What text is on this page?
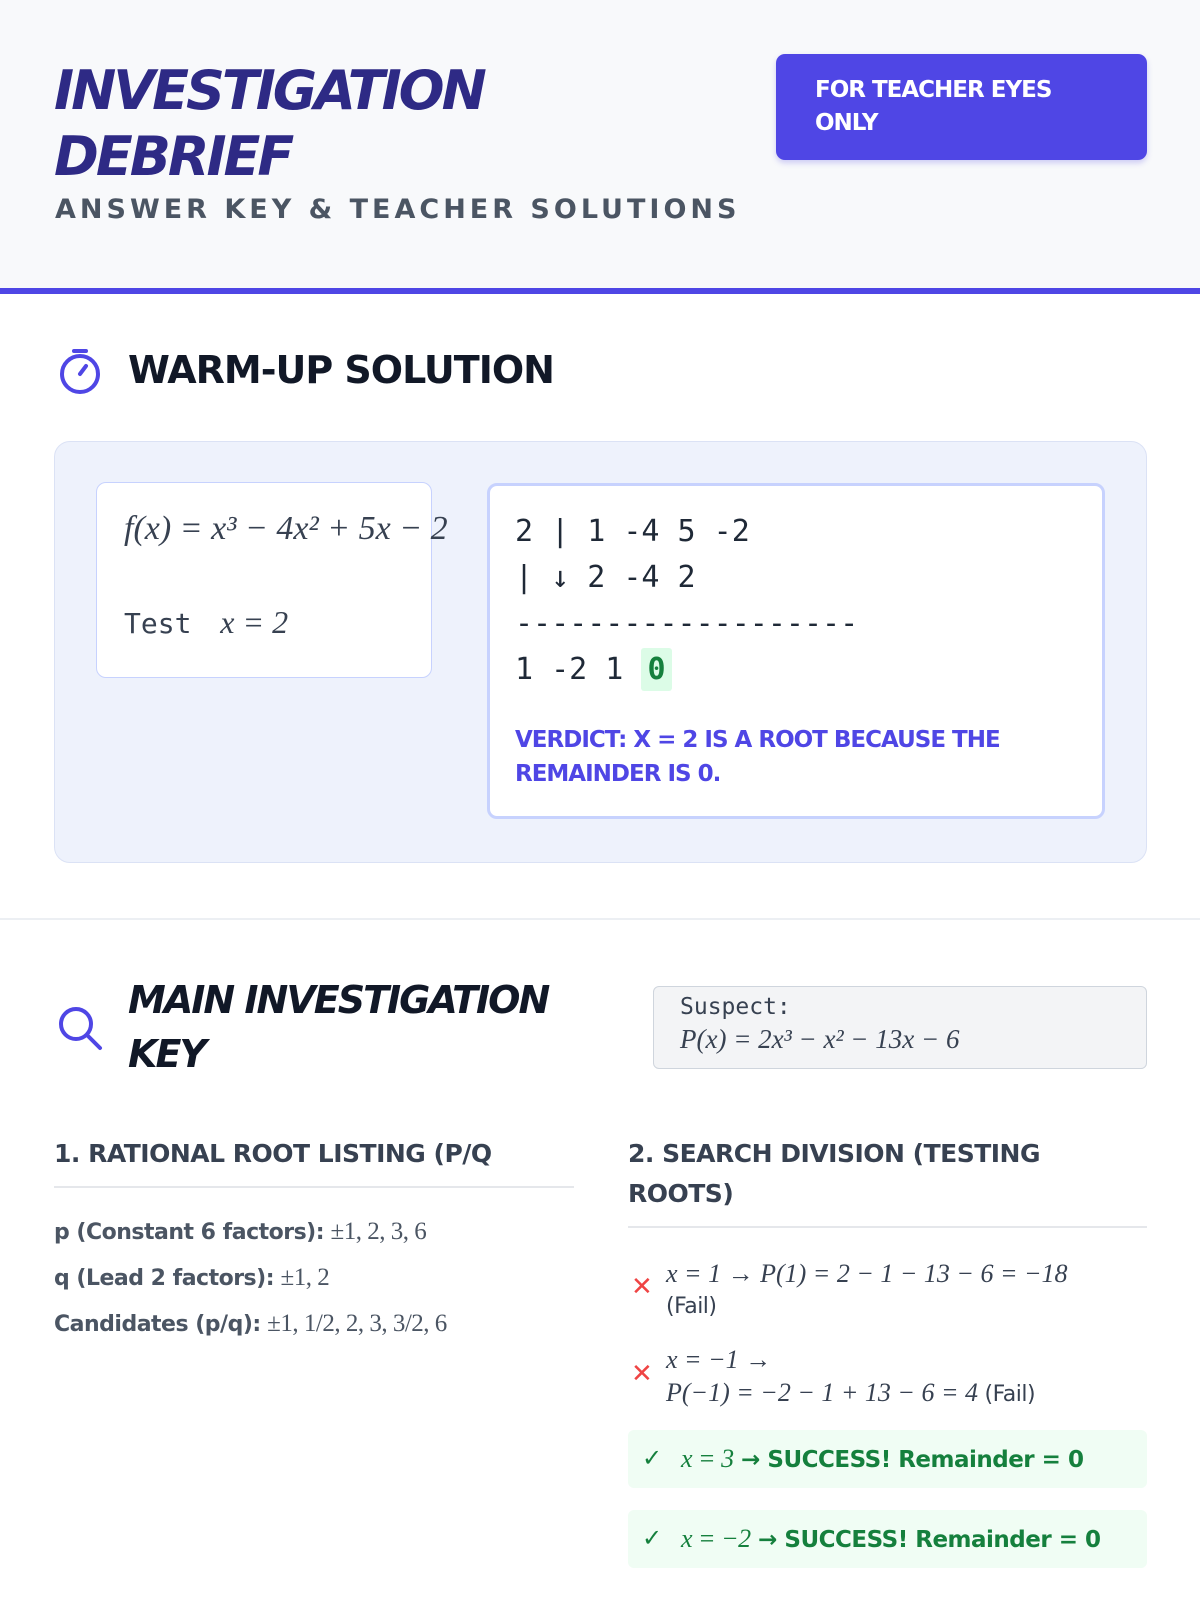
INVESTIGATION DEBRIEF
ANSWER KEY & TEACHER SOLUTIONS
FOR TEACHER EYES ONLY
WARM-UP SOLUTION
f(x) = x³ − 4x² + 5x − 2
Test x = 2
2 | 1 -4 5 -2
| ↓ 2 -4 2
-------------------
1 -2 1 0
VERDICT: X = 2 IS A ROOT BECAUSE THE REMAINDER IS 0.
MAIN INVESTIGATION KEY
Suspect:
P(x) = 2x³ − x² − 13x − 6
1. RATIONAL ROOT LISTING (P/Q
p (Constant 6 factors): ±1, 2, 3, 6
q (Lead 2 factors): ±1, 2
Candidates (p/q): ±1, 1/2, 2, 3, 3/2, 6
2. SEARCH DIVISION (TESTING ROOTS)
✕ x = 1 → P(1) = 2 − 1 − 13 − 6 = −18
(Fail)
✕ x = −1 →
P(−1) = −2 − 1 + 13 − 6 = 4 (Fail)
✓ x = 3 → SUCCESS! Remainder = 0
✓ x = −2 → SUCCESS! Remainder = 0
